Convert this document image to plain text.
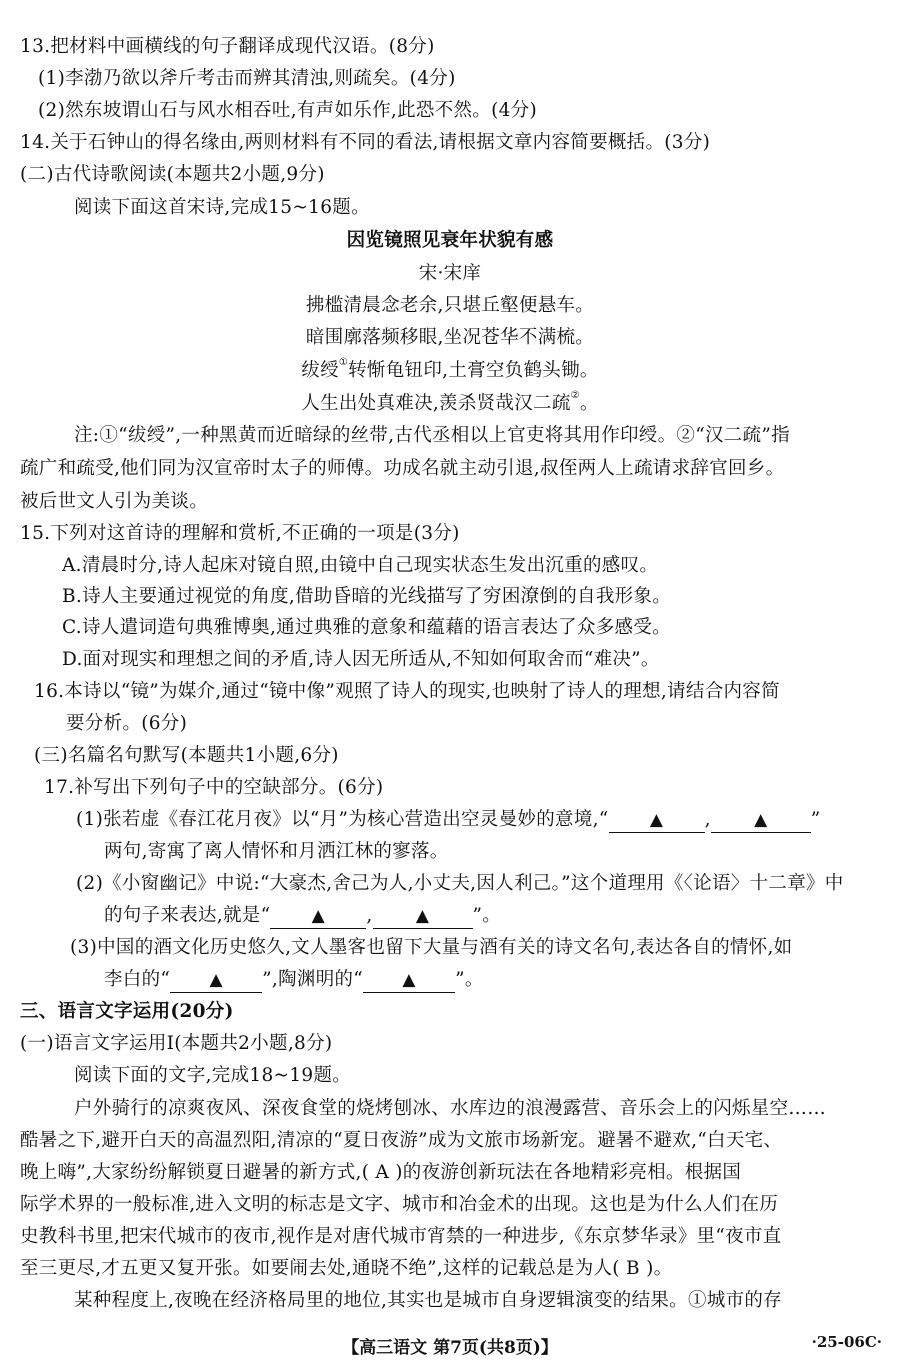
13.把材料中画横线的句子翻译成现代汉语。(8分)
(1)李渤乃欲以斧斤考击而辨其清浊,则疏矣。(4分)
(2)然东坡谓山石与风水相吞吐,有声如乐作,此恐不然。(4分)
14.关于石钟山的得名缘由,两则材料有不同的看法,请根据文章内容简要概括。(3分)
(二)古代诗歌阅读(本题共2小题,9分)
阅读下面这首宋诗,完成15~16题。
因览镜照见衰年状貌有感
宋·宋庠
拂槛清晨念老余,只堪丘壑便悬车。
暗围廓落频移眼,坐况苍华不满梳。
绂绶①转惭龟钮印,土膏空负鹤头锄。
人生出处真难决,羡杀贤哉汉二疏②。
注:①“绂绶”,一种黑黄而近暗绿的丝带,古代丞相以上官吏将其用作印绶。②“汉二疏”指
疏广和疏受,他们同为汉宣帝时太子的师傅。功成名就主动引退,叔侄两人上疏请求辞官回乡。
被后世文人引为美谈。
15.下列对这首诗的理解和赏析,不正确的一项是(3分)
A.清晨时分,诗人起床对镜自照,由镜中自己现实状态生发出沉重的感叹。
B.诗人主要通过视觉的角度,借助昏暗的光线描写了穷困潦倒的自我形象。
C.诗人遣词造句典雅博奥,通过典雅的意象和蕴藉的语言表达了众多感受。
D.面对现实和理想之间的矛盾,诗人因无所适从,不知如何取舍而“难决”。
16.本诗以“镜”为媒介,通过“镜中像”观照了诗人的现实,也映射了诗人的理想,请结合内容简
要分析。(6分)
(三)名篇名句默写(本题共1小题,6分)
17.补写出下列句子中的空缺部分。(6分)
(1)张若虚《春江花月夜》以“月”为核心营造出空灵曼妙的意境,“ ▲ ,	▲ ”
两句,寄寓了离人情怀和月洒江林的寥落。
(2)《小窗幽记》中说:“大豪杰,舍己为人,小丈夫,因人利己。”这个道理用《〈论语〉十二章》中
的句子来表达,就是“ ▲ ,	▲ ”。
(3)中国的酒文化历史悠久,文人墨客也留下大量与酒有关的诗文名句,表达各自的情怀,如
李白的“ ▲ ”,陶渊明的“ ▲ ”。
三、语言文字运用(20分)
(一)语言文字运用Ⅰ(本题共2小题,8分)
阅读下面的文字,完成18~19题。
户外骑行的凉爽夜风、深夜食堂的烧烤刨冰、水库边的浪漫露营、音乐会上的闪烁星空……
酷暑之下,避开白天的高温烈阳,清凉的“夏日夜游”成为文旅市场新宠。避暑不避欢,“白天宅、
晚上嗨”,大家纷纷解锁夏日避暑的新方式,( A )的夜游创新玩法在各地精彩亮相。根据国
际学术界的一般标准,进入文明的标志是文字、城市和冶金术的出现。这也是为什么人们在历
史教科书里,把宋代城市的夜市,视作是对唐代城市宵禁的一种进步,《东京梦华录》里“夜市直
至三更尽,才五更又复开张。如要闹去处,通晓不绝”,这样的记载总是为人( B )。
某种程度上,夜晚在经济格局里的地位,其实也是城市自身逻辑演变的结果。①城市的存
【高三语文 第7页(共8页)】	·25-06C·
